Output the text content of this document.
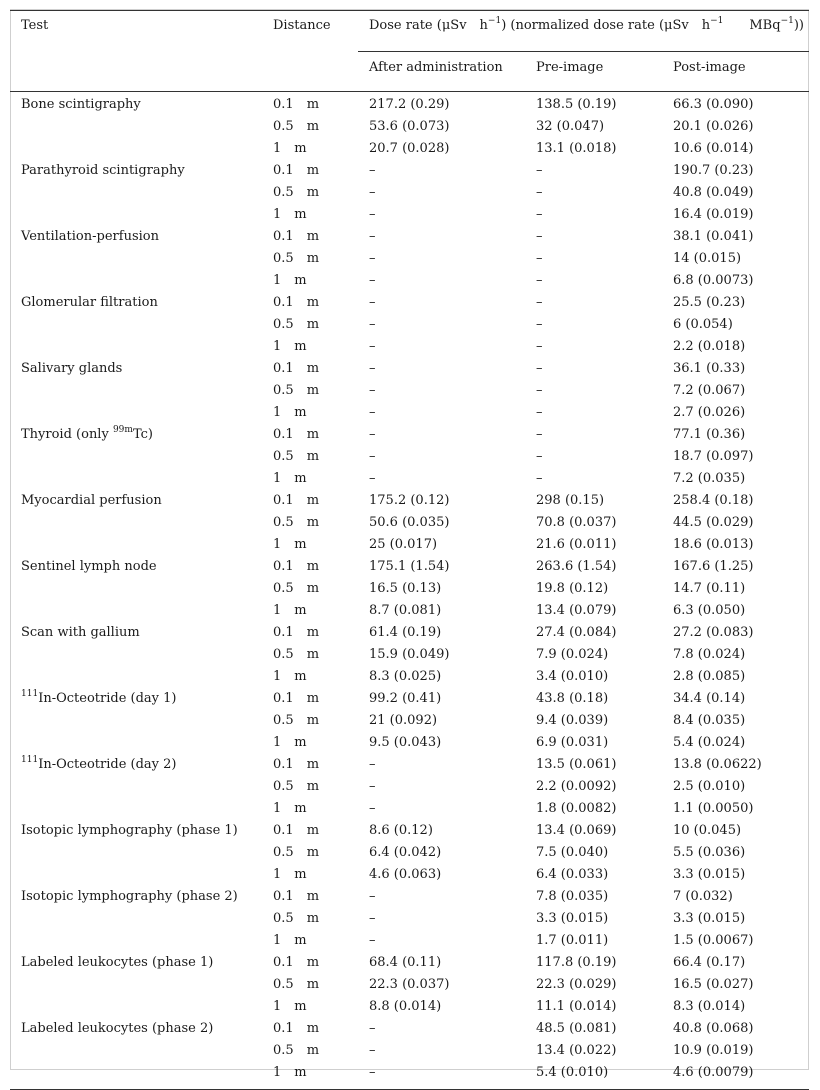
Test	Distance	Dose rate (μSv $h^{-1}$) (normalized dose rate (μSv $h^{-1}$ MBq$^{-1}$))		
		After administration	Pre-image	Post-image
Bone scintigraphy	0.1 m	217.2 (0.29)	138.5 (0.19)	66.3 (0.090)
	0.5 m	53.6 (0.073)	32 (0.047)	20.1 (0.026)
	1 m	20.7 (0.028)	13.1 (0.018)	10.6 (0.014)
Parathyroid scintigraphy	0.1 m	–	–	190.7 (0.23)
	0.5 m	–	–	40.8 (0.049)
	1 m	–	–	16.4 (0.019)
Ventilation-perfusion	0.1 m	–	–	38.1 (0.041)
	0.5 m	–	–	14 (0.015)
	1 m	–	–	6.8 (0.0073)
Glomerular filtration	0.1 m	–	–	25.5 (0.23)
	0.5 m	–	–	6 (0.054)
	1 m	–	–	2.2 (0.018)
Salivary glands	0.1 m	–	–	36.1 (0.33)
	0.5 m	–	–	7.2 (0.067)
	1 m	–	–	2.7 (0.026)
Thyroid (only $^{99m}$Tc)	0.1 m	–	–	77.1 (0.36)
	0.5 m	–	–	18.7 (0.097)
	1 m	–	–	7.2 (0.035)
Myocardial perfusion	0.1 m	175.2 (0.12)	298 (0.15)	258.4 (0.18)
	0.5 m	50.6 (0.035)	70.8 (0.037)	44.5 (0.029)
	1 m	25 (0.017)	21.6 (0.011)	18.6 (0.013)
Sentinel lymph node	0.1 m	175.1 (1.54)	263.6 (1.54)	167.6 (1.25)
	0.5 m	16.5 (0.13)	19.8 (0.12)	14.7 (0.11)
	1 m	8.7 (0.081)	13.4 (0.079)	6.3 (0.050)
Scan with gallium	0.1 m	61.4 (0.19)	27.4 (0.084)	27.2 (0.083)
	0.5 m	15.9 (0.049)	7.9 (0.024)	7.8 (0.024)
	1 m	8.3 (0.025)	3.4 (0.010)	2.8 (0.085)
$^{111}$In-Octeotride (day 1)	0.1 m	99.2 (0.41)	43.8 (0.18)	34.4 (0.14)
	0.5 m	21 (0.092)	9.4 (0.039)	8.4 (0.035)
	1 m	9.5 (0.043)	6.9 (0.031)	5.4 (0.024)
$^{111}$In-Octeotride (day 2)	0.1 m	–	13.5 (0.061)	13.8 (0.0622)
	0.5 m	–	2.2 (0.0092)	2.5 (0.010)
	1 m	–	1.8 (0.0082)	1.1 (0.0050)
Isotopic lymphography (phase 1)	0.1 m	8.6 (0.12)	13.4 (0.069)	10 (0.045)
	0.5 m	6.4 (0.042)	7.5 (0.040)	5.5 (0.036)
	1 m	4.6 (0.063)	6.4 (0.033)	3.3 (0.015)
Isotopic lymphography (phase 2)	0.1 m	–	7.8 (0.035)	7 (0.032)
	0.5 m	–	3.3 (0.015)	3.3 (0.015)
	1 m	–	1.7 (0.011)	1.5 (0.0067)
Labeled leukocytes (phase 1)	0.1 m	68.4 (0.11)	117.8 (0.19)	66.4 (0.17)
	0.5 m	22.3 (0.037)	22.3 (0.029)	16.5 (0.027)
	1 m	8.8 (0.014)	11.1 (0.014)	8.3 (0.014)
Labeled leukocytes (phase 2)	0.1 m	–	48.5 (0.081)	40.8 (0.068)
	0.5 m	–	13.4 (0.022)	10.9 (0.019)
	1 m	–	5.4 (0.010)	4.6 (0.0079)
